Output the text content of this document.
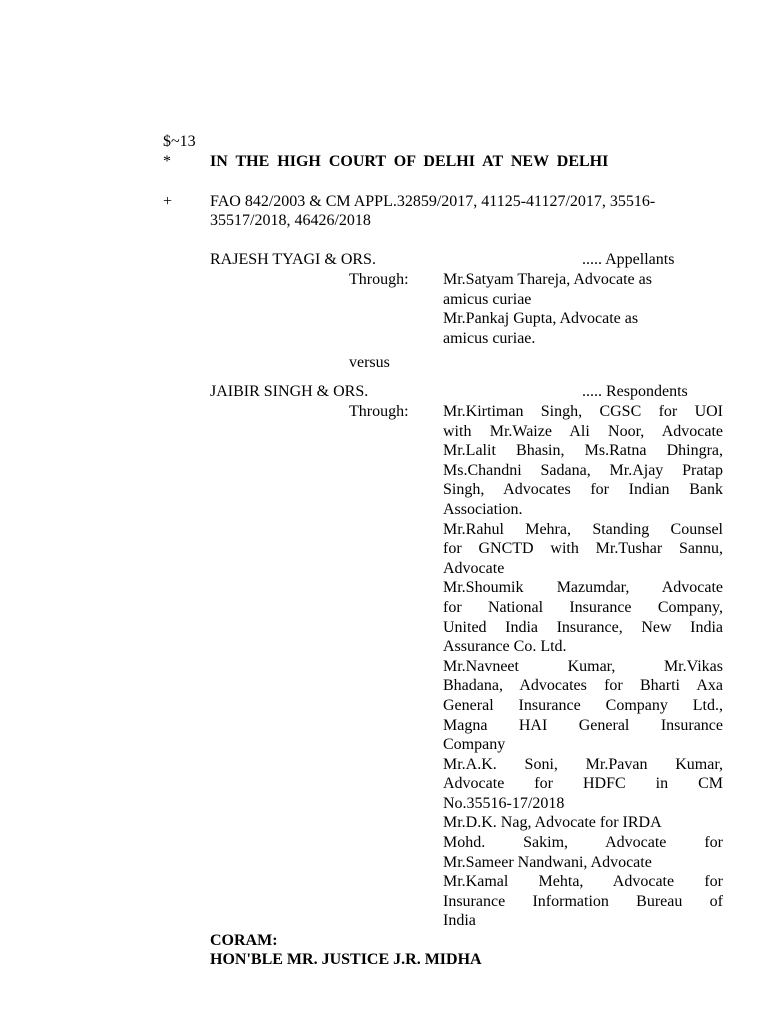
$~13
* IN  THE  HIGH  COURT  OF  DELHI  AT  NEW  DELHI
+ FAO 842/2003 & CM APPL.32859/2017, 41125-41127/2017, 35516-
35517/2018, 46426/2018
RAJESH TYAGI & ORS.	..... Appellants
Through: Mr.Satyam Thareja, Advocate as
amicus curiae
Mr.Pankaj Gupta, Advocate as
amicus curiae.
versus
JAIBIR SINGH & ORS.	..... Respondents
Through: Mr.Kirtiman Singh, CGSC for UOI
with Mr.Waize Ali Noor, Advocate
Mr.Lalit Bhasin, Ms.Ratna Dhingra,
Ms.Chandni Sadana, Mr.Ajay Pratap
Singh, Advocates for Indian Bank
Association.
Mr.Rahul Mehra, Standing Counsel
for GNCTD with Mr.Tushar Sannu,
Advocate
Mr.Shoumik Mazumdar, Advocate
for National Insurance Company,
United India Insurance, New India
Assurance Co. Ltd.
Mr.Navneet Kumar, Mr.Vikas
Bhadana, Advocates for Bharti Axa
General Insurance Company Ltd.,
Magna HAI General Insurance
Company
Mr.A.K. Soni, Mr.Pavan Kumar,
Advocate for HDFC in CM
No.35516-17/2018
Mr.D.K. Nag, Advocate for IRDA
Mohd. Sakim, Advocate for
Mr.Sameer Nandwani, Advocate
Mr.Kamal Mehta, Advocate for
Insurance Information Bureau of
India
CORAM:
HON'BLE MR. JUSTICE J.R. MIDHA
